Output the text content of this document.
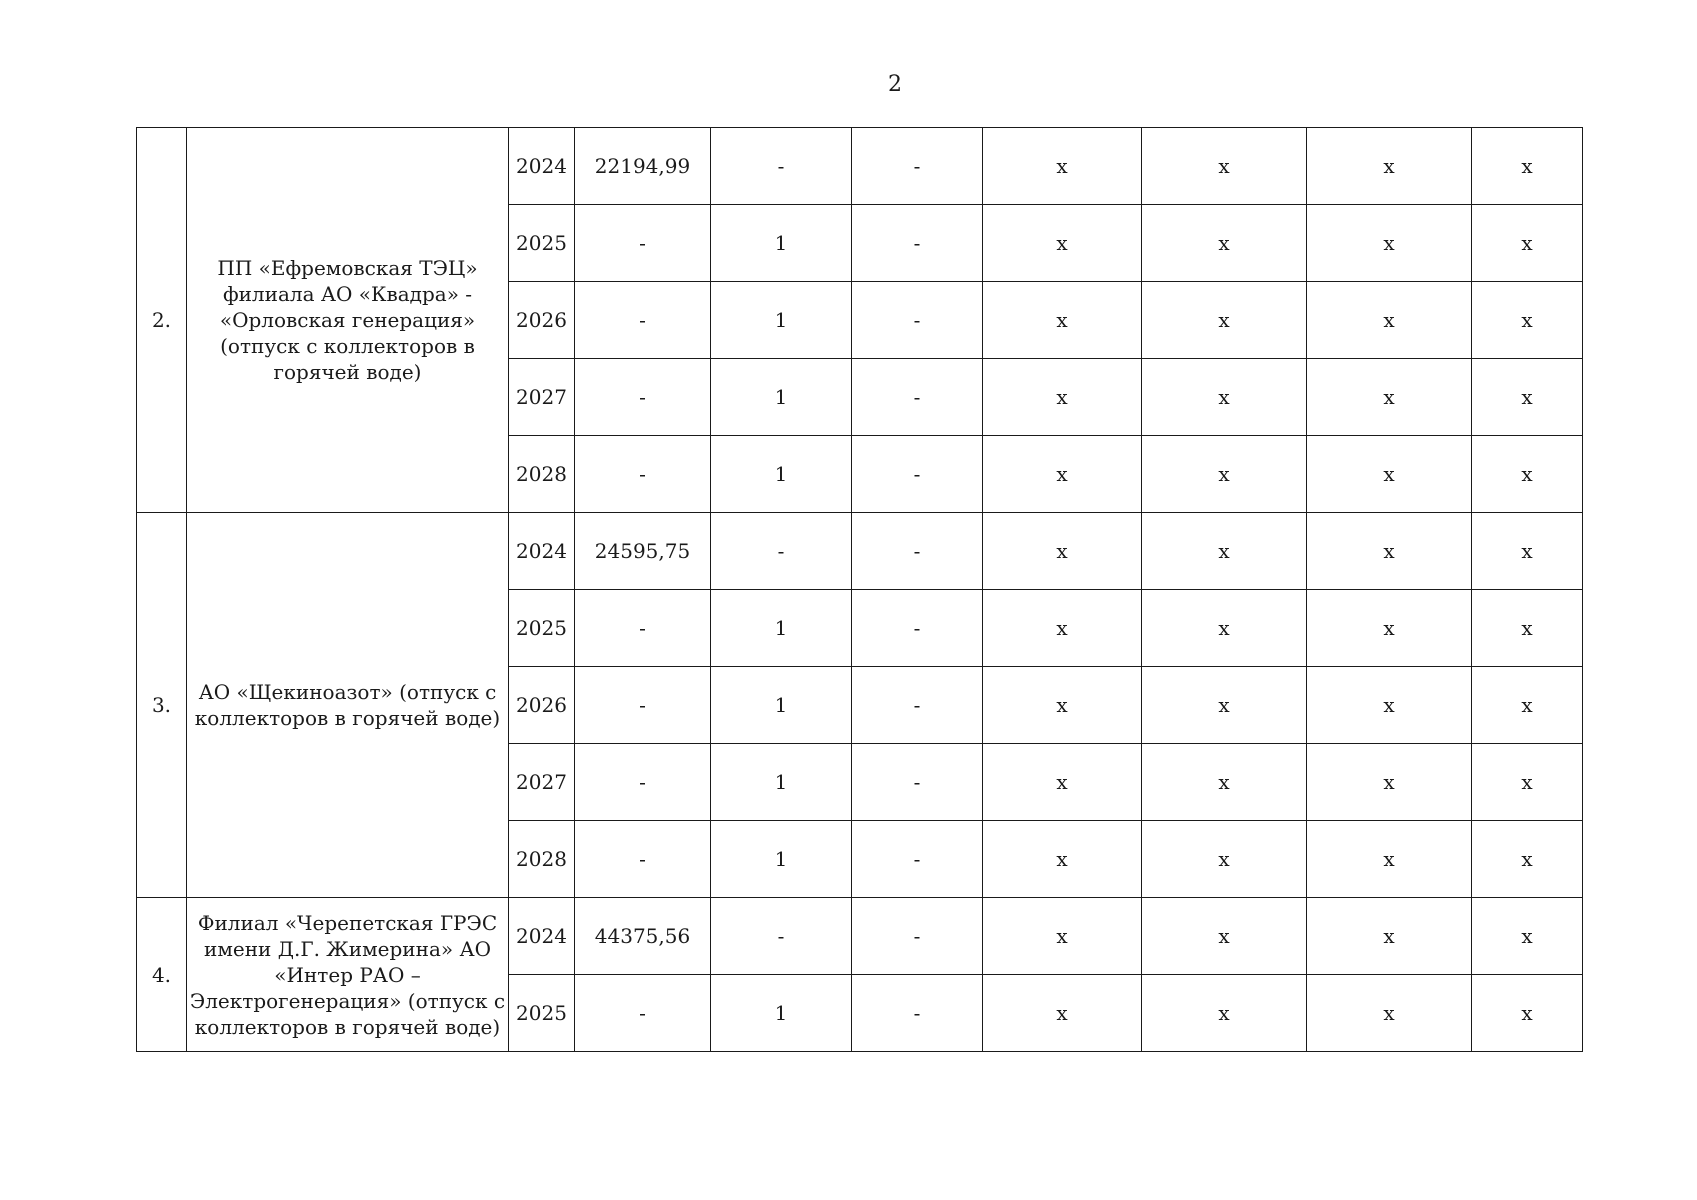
2
2.	ПП «Ефремовская ТЭЦ» филиала АО «Квадра» - «Орловская генерация» (отпуск с коллекторов в горячей воде)	2024	22194,99	-	-	x	x	x	x
		2025	-	1	-	x	x	x	x
		2026	-	1	-	x	x	x	x
		2027	-	1	-	x	x	x	x
		2028	-	1	-	x	x	x	x
3.	АО «Щекиноазот» (отпуск с коллекторов в горячей воде)	2024	24595,75	-	-	x	x	x	x
		2025	-	1	-	x	x	x	x
		2026	-	1	-	x	x	x	x
		2027	-	1	-	x	x	x	x
		2028	-	1	-	x	x	x	x
4.	Филиал «Черепетская ГРЭС имени Д.Г. Жимерина» АО «Интер РАО – Электрогенерация» (отпуск с коллекторов в горячей воде)	2024	44375,56	-	-	x	x	x	x
		2025	-	1	-	x	x	x	x
